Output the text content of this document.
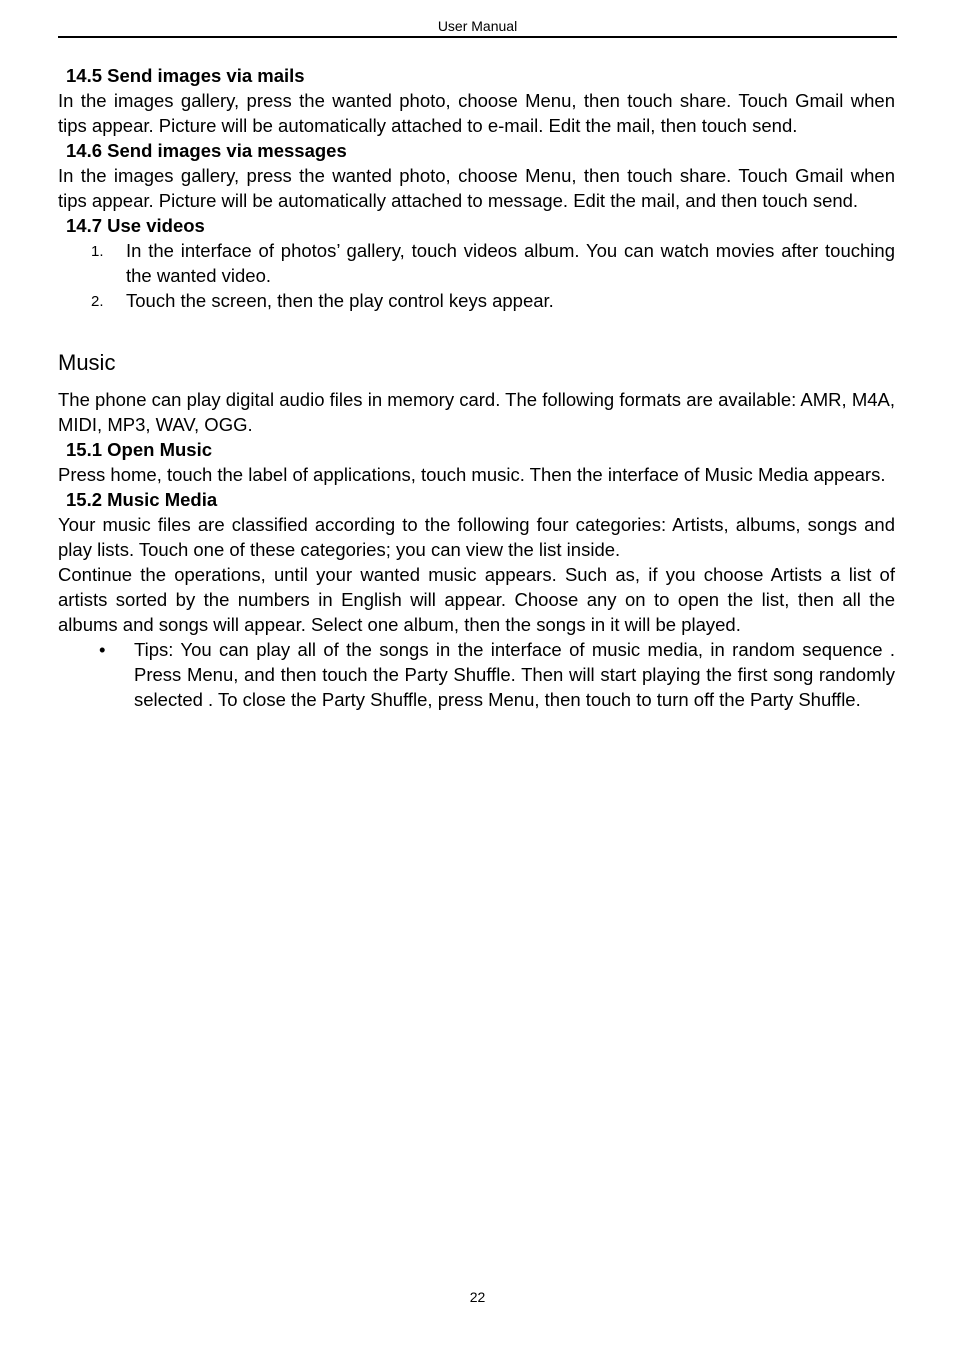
User Manual

14.5 Send images via mails

In the images gallery, press the wanted photo, choose Menu, then touch share. Touch Gmail when tips appear. Picture will be automatically attached to e-mail. Edit the mail, then touch send.

14.6 Send images via messages

In the images gallery, press the wanted photo, choose Menu, then touch share. Touch Gmail when tips appear. Picture will be automatically attached to message. Edit the mail, and then touch send.

14.7 Use videos

1. In the interface of photos’ gallery, touch videos album. You can watch movies after touching the wanted video.
2. Touch the screen, then the play control keys appear.
Music

The phone can play digital audio files in memory card. The following formats are available: AMR, M4A, MIDI, MP3, WAV, OGG.

15.1 Open Music

Press home, touch the label of applications, touch music. Then the interface of Music Media appears.

15.2 Music Media

Your music files are classified according to the following four categories: Artists, albums, songs and play lists. Touch one of these categories; you can view the list inside.

Continue the operations, until your wanted music appears. Such as, if you choose Artists a list of artists sorted by the numbers in English will appear. Choose any on to open the list, then all the albums and songs will appear. Select one album, then the songs in it will be played.

• Tips: You can play all of the songs in the interface of music media, in random sequence . Press Menu, and then touch the Party Shuffle. Then will start playing the first song randomly selected . To close the Party Shuffle, press Menu, then touch to turn off the Party Shuffle.
22
